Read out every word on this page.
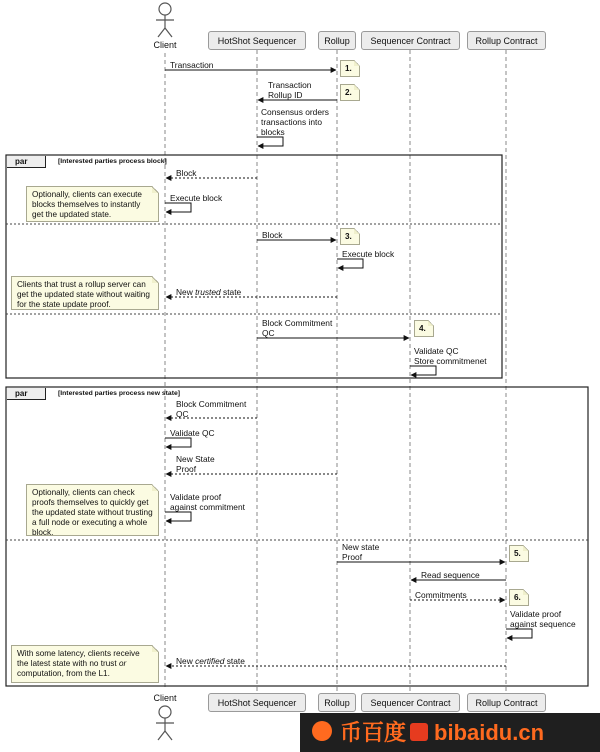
Client	HotShot Sequencer	Rollup	Sequencer Contract	Rollup Contract
Client	HotShot Sequencer	Rollup	Sequencer Contract	Rollup Contract
1.
2.
3.
4.
5.
6.
Transaction
Transaction
Rollup ID
Consensus orders
transactions into
blocks
Block
Execute block
Block
Execute block
New trusted state
Block Commitment
QC
Validate QC
Store commitmenet
Block Commitment
QC
Validate QC
New State
Proof
Validate proof
against commitment
New state
Proof
Read sequence
Commitments
Validate proof
against sequence
New certified state
Optionally, clients can execute blocks themselves to instantly get the updated state.
Clients that trust a rollup server can get the updated state without waiting for the state update proof.
Optionally, clients can check proofs themselves to quickly get the updated state without trusting a full node or executing a whole block.
With some latency, clients receive the latest state with no trust or computation, from the L1.
par	[Interested parties process block]
par	[Interested parties process new state]
币百度 bibaidu.cn
